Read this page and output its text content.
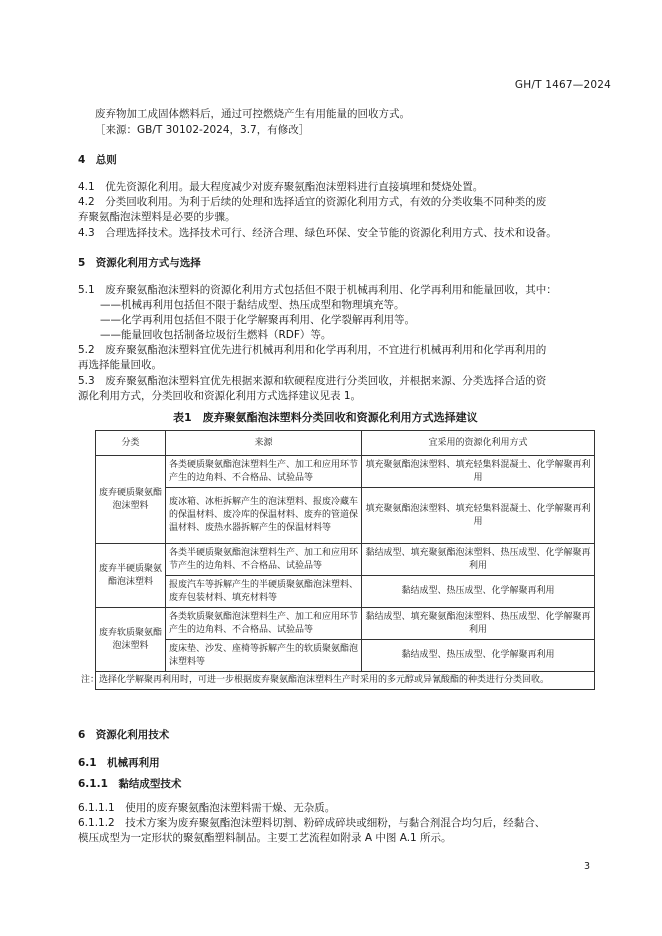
GH/T 1467—2024
废弃物加工成固体燃料后，通过可控燃烧产生有用能量的回收方式。
［来源：GB/T 30102-2024，3.7，有修改］
4　总则
4.1　优先资源化利用。最大程度减少对废弃聚氨酯泡沫塑料进行直接填埋和焚烧处置。
4.2　分类回收利用。为利于后续的处理和选择适宜的资源化利用方式，有效的分类收集不同种类的废
弃聚氨酯泡沫塑料是必要的步骤。
4.3　合理选择技术。选择技术可行、经济合理、绿色环保、安全节能的资源化利用方式、技术和设备。
5　资源化利用方式与选择
5.1　废弃聚氨酯泡沫塑料的资源化利用方式包括但不限于机械再利用、化学再利用和能量回收，其中：
——机械再利用包括但不限于黏结成型、热压成型和物理填充等。
——化学再利用包括但不限于化学解聚再利用、化学裂解再利用等。
——能量回收包括制备垃圾衍生燃料（RDF）等。
5.2　废弃聚氨酯泡沫塑料宜优先进行机械再利用和化学再利用，不宜进行机械再利用和化学再利用的
再选择能量回收。
5.3　废弃聚氨酯泡沫塑料宜优先根据来源和软硬程度进行分类回收，并根据来源、分类选择合适的资
源化利用方式，分类回收和资源化利用方式选择建议见表 1。
表1　废弃聚氨酯泡沫塑料分类回收和资源化利用方式选择建议
分类	来源	宜采用的资源化利用方式
废弃硬质聚氨酯泡沫塑料	各类硬质聚氨酯泡沫塑料生产、加工和应用环节产生的边角料、不合格品、试验品等	填充聚氨酯泡沫塑料、填充轻集料混凝土、化学解聚再利用
	废冰箱、冰柜拆解产生的泡沫塑料、报废冷藏车的保温材料、废冷库的保温材料、废弃的管道保温材料、废热水器拆解产生的保温材料等	填充聚氨酯泡沫塑料、填充轻集料混凝土、化学解聚再利用
废弃半硬质聚氨酯泡沫塑料	各类半硬质聚氨酯泡沫塑料生产、加工和应用环节产生的边角料、不合格品、试验品等	黏结成型、填充聚氨酯泡沫塑料、热压成型、化学解聚再利用
	报废汽车等拆解产生的半硬质聚氨酯泡沫塑料、废弃包装材料、填充材料等	黏结成型、热压成型、化学解聚再利用
废弃软质聚氨酯泡沫塑料	各类软质聚氨酯泡沫塑料生产、加工和应用环节产生的边角料、不合格品、试验品等	黏结成型、填充聚氨酯泡沫塑料、热压成型、化学解聚再利用
	废床垫、沙发、座椅等拆解产生的软质聚氨酯泡沫塑料等	黏结成型、热压成型、化学解聚再利用
注：选择化学解聚再利用时，可进一步根据废弃聚氨酯泡沫塑料生产时采用的多元醇或异氰酸酯的种类进行分类回收。		
6　资源化利用技术
6.1　机械再利用
6.1.1　黏结成型技术
6.1.1.1　使用的废弃聚氨酯泡沫塑料需干燥、无杂质。
6.1.1.2　技术方案为废弃聚氨酯泡沫塑料切割、粉碎成碎块或细粉，与黏合剂混合均匀后，经黏合、
模压成型为一定形状的聚氨酯塑料制品。主要工艺流程如附录 A 中图 A.1 所示。
3
